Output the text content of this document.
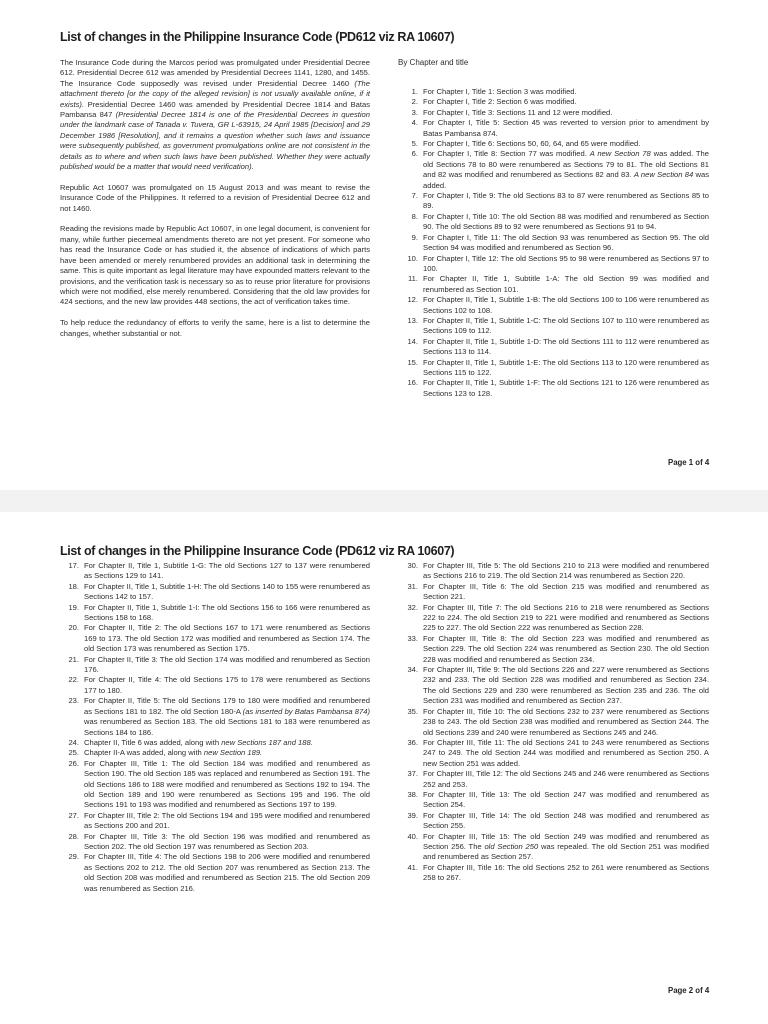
List of changes in the Philippine Insurance Code (PD612 viz RA 10607)

The Insurance Code during the Marcos period was promulgated under Presidential Decree 612. Presidential Decree 612 was amended by Presidential Decrees 1141, 1280, and 1455. The Insurance Code supposedly was revised under Presidential Decree 1460 (The attachment thereto [or the copy of the alleged revision] is not usually available online, if it exists). Presidential Decree 1460 was amended by Presidential Decree 1814 and Batas Pambansa 847 (Presidential Decree 1814 is one of the Presidential Decrees in question under the landmark case of Tanada v. Tuvera, GR L-63915, 24 April 1985 [Decision] and 29 December 1986 [Resolution], and it remains a question whether such laws and issuance were subsequently published, as government promulgations online are not consistent in the details as to where and when such laws have been published. Whether they were actually published would be a matter that would need verification).

Republic Act 10607 was promulgated on 15 August 2013 and was meant to revise the Insurance Code of the Philippines. It referred to a revision of Presidential Decree 612 and not 1460.

Reading the revisions made by Republic Act 10607, in one legal document, is convenient for many, while further piecemeal amendments thereto are not yet present. For someone who has read the Insurance Code or has studied it, the absence of indications of which parts have been amended or merely renumbered provides an additional task in determining the same. This is quite important as legal literature may have expounded matters relevant to the provisions, and the verification task is necessary so as to reuse prior literature for provisions which were not modified, else merely renumbered. Considering that the old law provides for 424 sections, and the new law provides 448 sections, the act of verification takes time.

To help reduce the redundancy of efforts to verify the same, here is a list to determine the changes, whether substantial or not.

By Chapter and title
1. For Chapter I, Title 1: Section 3 was modified.
2. For Chapter I, Title 2: Section 6 was modified.
3. For Chapter I, Title 3: Sections 11 and 12 were modified.
4. For Chapter I, Title 5: Section 45 was reverted to version prior to amendment by Batas Pambansa 874.
5. For Chapter I, Title 6: Sections 50, 60, 64, and 65 were modified.
6. For Chapter I, Title 8: Section 77 was modified. A new Section 78 was added. The old Sections 78 to 80 were renumbered as Sections 79 to 81. The old Sections 81 and 82 was modified and renumbered as Sections 82 and 83. A new Section 84 was added.
7. For Chapter I, Title 9: The old Sections 83 to 87 were renumbered as Sections 85 to 89.
8. For Chapter I, Title 10: The old Section 88 was modified and renumbered as Section 90. The old Sections 89 to 92 were renumbered as Sections 91 to 94.
9. For Chapter I, Title 11: The old Section 93 was renumbered as Section 95. The old Section 94 was modified and renumbered as Section 96.
10. For Chapter I, Title 12: The old Sections 95 to 98 were renumbered as Sections 97 to 100.
11. For Chapter II, Title 1, Subtitle 1-A: The old Section 99 was modified and renumbered as Section 101.
12. For Chapter II, Title 1, Subtitle 1-B: The old Sections 100 to 106 were renumbered as Sections 102 to 108.
13. For Chapter II, Title 1, Subtitle 1-C: The old Sections 107 to 110 were renumbered as Sections 109 to 112.
14. For Chapter II, Title 1, Subtitle 1-D: The old Sections 111 to 112 were renumbered as Sections 113 to 114.
15. For Chapter II, Title 1, Subtitle 1-E: The old Sections 113 to 120 were renumbered as Sections 115 to 122.
16. For Chapter II, Title 1, Subtitle 1-F: The old Sections 121 to 126 were renumbered as Sections 123 to 128.
Page 1 of 4
List of changes in the Philippine Insurance Code (PD612 viz RA 10607)
17. For Chapter II, Title 1, Subtitle 1-G: The old Sections 127 to 137 were renumbered as Sections 129 to 141.
18. For Chapter II, Title 1, Subtitle 1-H: The old Sections 140 to 155 were renumbered as Sections 142 to 157.
19. For Chapter II, Title 1, Subtitle 1-I: The old Sections 156 to 166 were renumbered as Sections 158 to 168.
20. For Chapter II, Title 2: The old Sections 167 to 171 were renumbered as Sections 169 to 173. The old Section 172 was modified and renumbered as Section 174. The old Section 173 was renumbered as Section 175.
21. For Chapter II, Title 3: The old Section 174 was modified and renumbered as Section 176.
22. For Chapter II, Title 4: The old Sections 175 to 178 were renumbered as Sections 177 to 180.
23. For Chapter II, Title 5: The old Sections 179 to 180 were modified and renumbered as Sections 181 to 182. The old Section 180-A (as inserted by Batas Pambansa 874) was renumbered as Section 183. The old Sections 181 to 183 were renumbered as Sections 184 to 186.
24. Chapter II, Title 6 was added, along with new Sections 187 and 188.
25. Chapter II-A was added, along with new Section 189.
26. For Chapter III, Title 1: The old Section 184 was modified and renumbered as Section 190. The old Section 185 was replaced and renumbered as Section 191. The old Sections 186 to 188 were modified and renumbered as Sections 192 to 194. The old Section 189 and 190 were renumbered as Sections 195 and 196. The old Sections 191 to 193 was modified and renumbered as Sections 197 to 199.
27. For Chapter III, Title 2: The old Sections 194 and 195 were modified and renumbered as Sections 200 and 201.
28. For Chapter III, Title 3: The old Section 196 was modified and renumbered as Section 202. The old Section 197 was renumbered as Section 203.
29. For Chapter III, Title 4: The old Sections 198 to 206 were modified and renumbered as Sections 202 to 212. The old Section 207 was renumbered as Section 213. The old Section 208 was modified and renumbered as Section 215. The old Section 209 was renumbered as Section 216.
30. For Chapter III, Title 5: The old Sections 210 to 213 were modified and renumbered as Sections 216 to 219. The old Section 214 was renumbered as Section 220.
31. For Chapter III, Title 6: The old Section 215 was modified and renumbered as Section 221.
32. For Chapter III, Title 7: The old Sections 216 to 218 were renumbered as Sections 222 to 224. The old Section 219 to 221 were modified and renumbered as Sections 225 to 227. The old Section 222 was renumbered as Section 228.
33. For Chapter III, Title 8: The old Section 223 was modified and renumbered as Section 229. The old Section 224 was renumbered as Section 230. The old Section 228 was modified and renumbered as Section 234.
34. For Chapter III, Title 9: The old Sections 226 and 227 were renumbered as Sections 232 and 233. The old Section 228 was modified and renumbered as Section 234. The old Sections 229 and 230 were renumbered as Section 235 and 236. The old Section 231 was modified and renumbered as Section 237.
35. For Chapter III, Title 10: The old Sections 232 to 237 were renumbered as Sections 238 to 243. The old Section 238 was modified and renumbered as Section 244. The old Sections 239 and 240 were renumbered as Sections 245 and 246.
36. For Chapter III, Title 11: The old Sections 241 to 243 were renumbered as Sections 247 to 249. The old Section 244 was modified and renumbered as Section 250. A new Section 251 was added.
37. For Chapter III, Title 12: The old Sections 245 and 246 were renumbered as Sections 252 and 253.
38. For Chapter III, Title 13: The old Section 247 was modified and renumbered as Section 254.
39. For Chapter III, Title 14: The old Section 248 was modified and renumbered as Section 255.
40. For Chapter III, Title 15: The old Section 249 was modified and renumbered as Section 256. The old Section 250 was repealed. The old Section 251 was modified and renumbered as Section 257.
41. For Chapter III, Title 16: The old Sections 252 to 261 were renumbered as Sections 258 to 267.
Page 2 of 4
